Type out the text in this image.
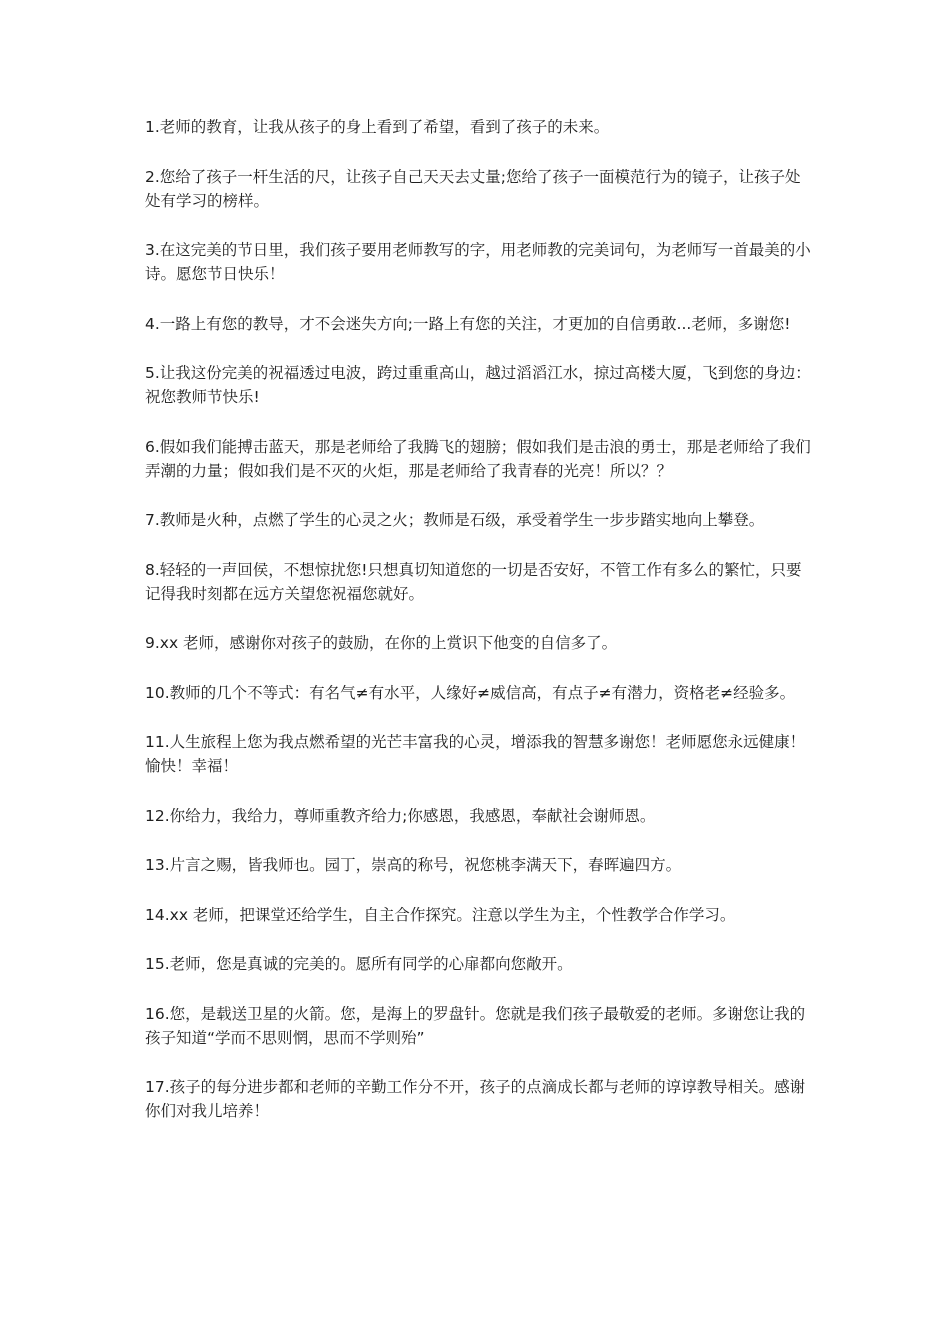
1.老师的教育，让我从孩子的身上看到了希望，看到了孩子的未来。

2.您给了孩子一杆生活的尺，让孩子自己天天去丈量;您给了孩子一面模范行为的镜子，让孩子处处有学习的榜样。

3.在这完美的节日里，我们孩子要用老师教写的字，用老师教的完美词句，为老师写一首最美的小诗。愿您节日快乐！

4.一路上有您的教导，才不会迷失方向;一路上有您的关注，才更加的自信勇敢...老师，多谢您!

5.让我这份完美的祝福透过电波，跨过重重高山，越过滔滔江水，掠过高楼大厦，飞到您的身边：祝您教师节快乐!

6.假如我们能搏击蓝天，那是老师给了我腾飞的翅膀；假如我们是击浪的勇士，那是老师给了我们弄潮的力量；假如我们是不灭的火炬，那是老师给了我青春的光亮！所以？？

7.教师是火种，点燃了学生的心灵之火；教师是石级，承受着学生一步步踏实地向上攀登。

8.轻轻的一声回侯，不想惊扰您!只想真切知道您的一切是否安好，不管工作有多么的繁忙，只要记得我时刻都在远方关望您祝福您就好。

9.xx 老师，感谢你对孩子的鼓励，在你的上赏识下他变的自信多了。

10.教师的几个不等式：有名气≠有水平，人缘好≠威信高，有点子≠有潜力，资格老≠经验多。

11.人生旅程上您为我点燃希望的光芒丰富我的心灵，增添我的智慧多谢您！老师愿您永远健康！愉快！幸福！

12.你给力，我给力，尊师重教齐给力;你感恩，我感恩，奉献社会谢师恩。

13.片言之赐，皆我师也。园丁，崇高的称号，祝您桃李满天下，春晖遍四方。

14.xx 老师，把课堂还给学生，自主合作探究。注意以学生为主，个性教学合作学习。

15.老师，您是真诚的完美的。愿所有同学的心扉都向您敞开。

16.您，是载送卫星的火箭。您，是海上的罗盘针。您就是我们孩子最敬爱的老师。多谢您让我的孩子知道“学而不思则惘，思而不学则殆”

17.孩子的每分进步都和老师的辛勤工作分不开，孩子的点滴成长都与老师的谆谆教导相关。感谢你们对我儿培养！
